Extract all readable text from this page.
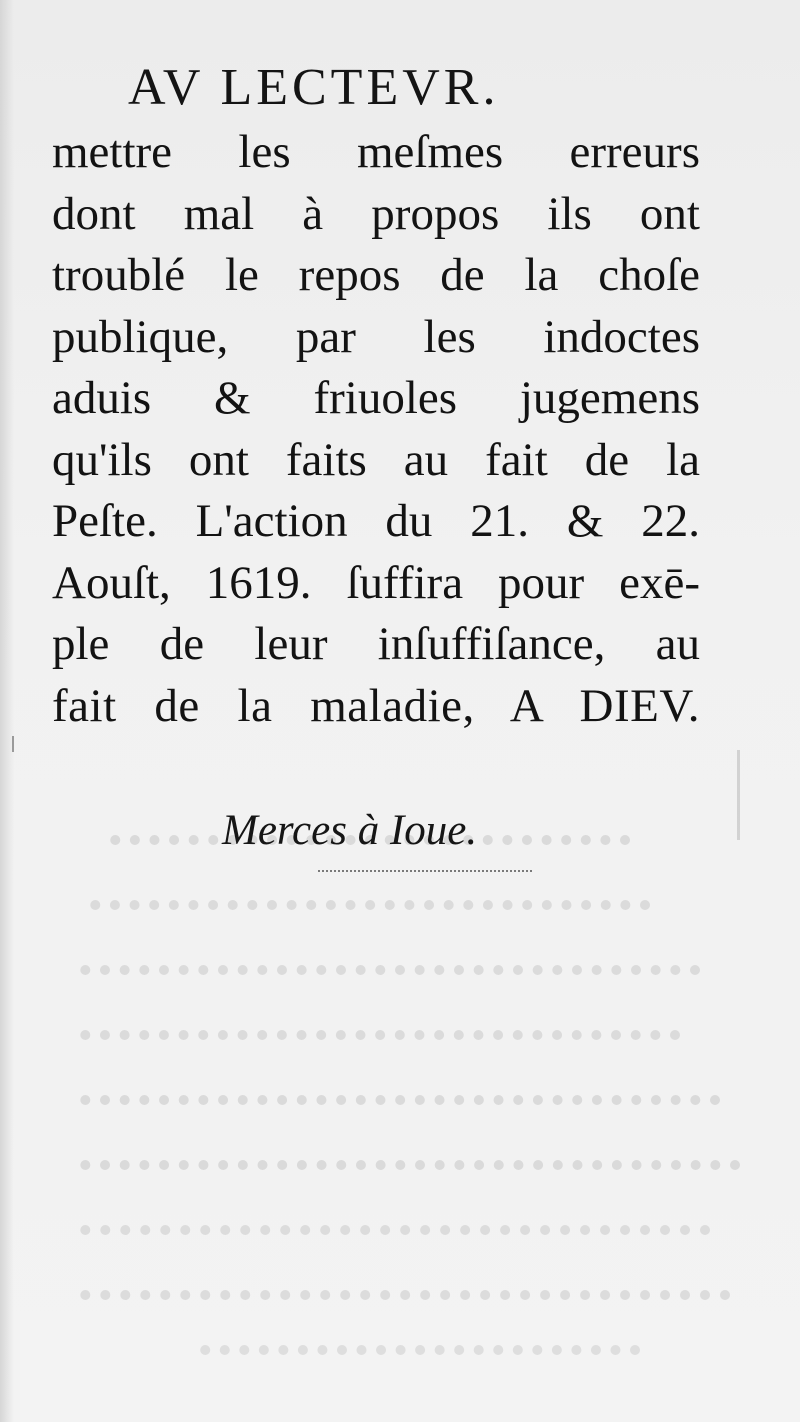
AV LECTEVR.
mettre les meſmes erreurs
dont mal à propos ils ont
troublé le repos de la choſe
publique, par les indoctes
aduis & friuoles jugemens
qu'ils ont faits au fait de la
Peſte. L'action du 21. & 22.
Aouſt, 1619. ſuffira pour exē-
ple de leur inſuffiſance, au
fait de la maladie, A DIEV.
Merces à Ioue.
